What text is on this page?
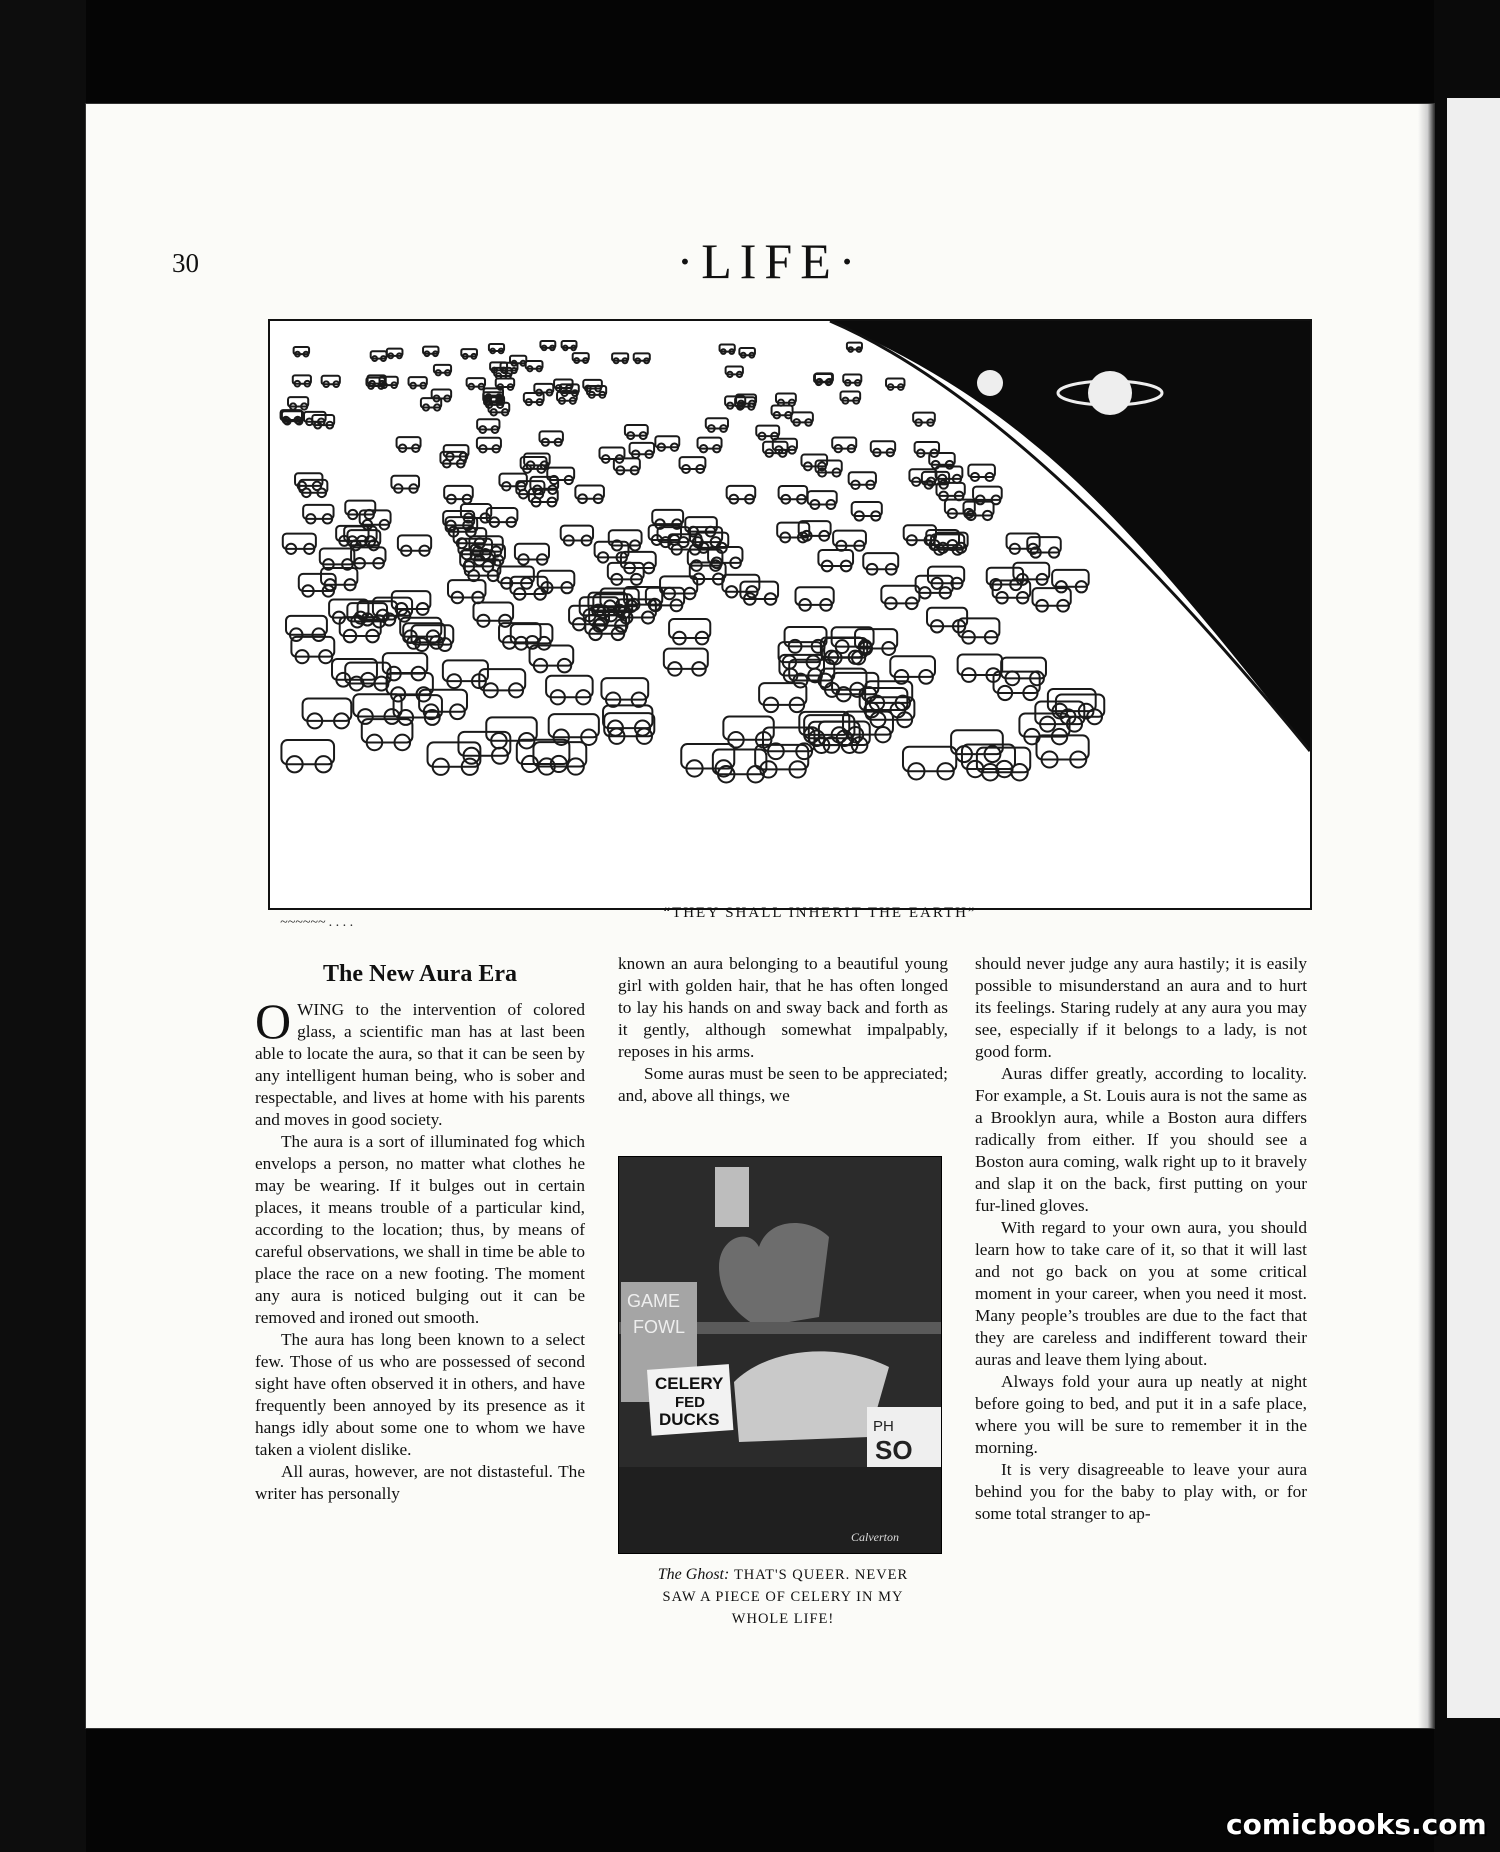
30	·LIFE·
~~~~~~ . . . .
“THEY SHALL INHERIT THE EARTH”
The New Aura Era

OWING to the intervention of colored glass, a scientific man has at last been able to locate the aura, so that it can be seen by any intelligent human being, who is sober and respectable, and lives at home with his parents and moves in good society.

The aura is a sort of illuminated fog which envelops a person, no matter what clothes he may be wearing. If it bulges out in certain places, it means trouble of a particular kind, according to the location; thus, by means of careful observations, we shall in time be able to place the race on a new footing. The moment any aura is noticed bulging out it can be removed and ironed out smooth.

The aura has long been known to a select few. Those of us who are possessed of second sight have often observed it in others, and have frequently been annoyed by its presence as it hangs idly about some one to whom we have taken a violent dislike.

All auras, however, are not distasteful. The writer has personally

known an aura belonging to a beautiful young girl with golden hair, that he has often longed to lay his hands on and sway back and forth as it gently, although somewhat impalpably, reposes in his arms.

Some auras must be seen to be appreciated; and, above all things, we

GAME
FOWL
CELERY
FED
DUCKS	PH
SO
Calverton
The Ghost: THAT'S QUEER. NEVER
SAW A PIECE OF CELERY IN MY
WHOLE LIFE!

should never judge any aura hastily; it is easily possible to misunderstand an aura and to hurt its feelings. Staring rudely at any aura you may see, especially if it belongs to a lady, is not good form.

Auras differ greatly, according to locality. For example, a St. Louis aura is not the same as a Brooklyn aura, while a Boston aura differs radically from either. If you should see a Boston aura coming, walk right up to it bravely and slap it on the back, first putting on your fur-lined gloves.

With regard to your own aura, you should learn how to take care of it, so that it will last and not go back on you at some critical moment in your career, when you need it most. Many people’s troubles are due to the fact that they are careless and indifferent toward their auras and leave them lying about.

Always fold your aura up neatly at night before going to bed, and put it in a safe place, where you will be sure to remember it in the morning.

It is very disagreeable to leave your aura behind you for the baby to play with, or for some total stranger to ap-

comicbooks.com
